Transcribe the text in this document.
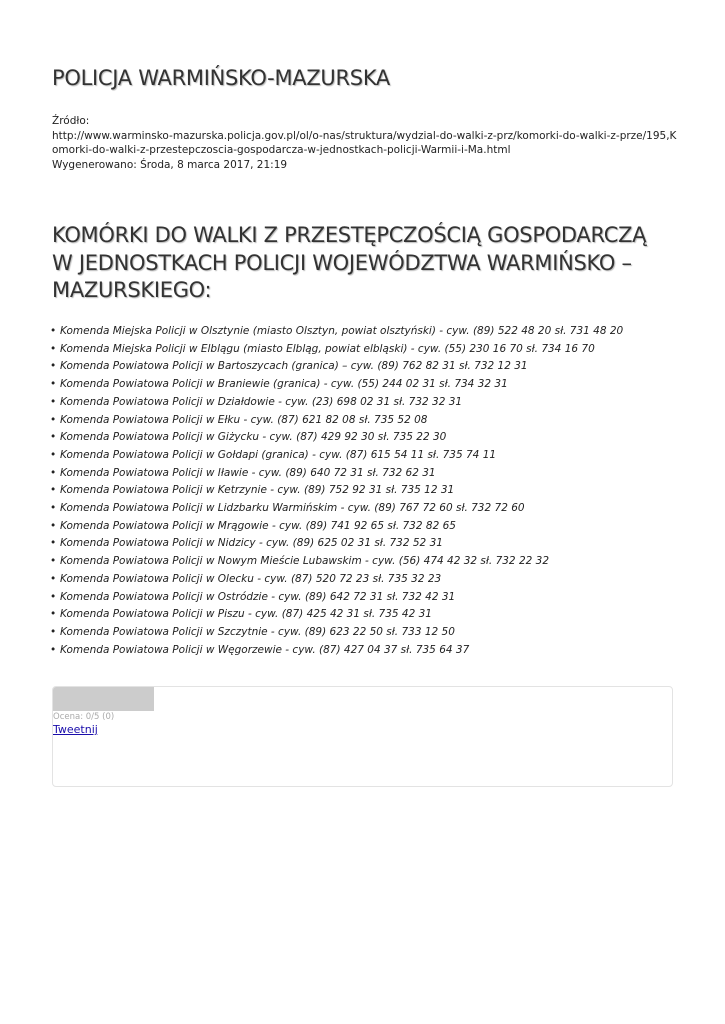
POLICJA WARMIŃSKO-MAZURSKA
Źródło:
http://www.warminsko-mazurska.policja.gov.pl/ol/o-nas/struktura/wydzial-do-walki-z-prz/komorki-do-walki-z-prze/195,Komorki-do-walki-z-przestepczoscia-gospodarcza-w-jednostkach-policji-Warmii-i-Ma.html
Wygenerowano: Środa, 8 marca 2017, 21:19
KOMÓRKI DO WALKI Z PRZESTĘPCZOŚCIĄ GOSPODARCZĄ W JEDNOSTKACH POLICJI WOJEWÓDZTWA WARMIŃSKO – MAZURSKIEGO:
• Komenda Miejska Policji w Olsztynie (miasto Olsztyn, powiat olsztyński) - cyw. (89) 522 48 20 sł. 731 48 20
• Komenda Miejska Policji w Elblągu (miasto Elbląg, powiat elbląski) - cyw. (55) 230 16 70 sł. 734 16 70
• Komenda Powiatowa Policji w Bartoszycach (granica) – cyw. (89) 762 82 31 sł. 732 12 31
• Komenda Powiatowa Policji w Braniewie (granica) - cyw. (55) 244 02 31 sł. 734 32 31
• Komenda Powiatowa Policji w Działdowie - cyw. (23) 698 02 31 sł. 732 32 31
• Komenda Powiatowa Policji w Ełku - cyw. (87) 621 82 08 sł. 735 52 08
• Komenda Powiatowa Policji w Giżycku - cyw. (87) 429 92 30 sł. 735 22 30
• Komenda Powiatowa Policji w Gołdapi (granica) - cyw. (87) 615 54 11 sł. 735 74 11
• Komenda Powiatowa Policji w Iławie - cyw. (89) 640 72 31 sł. 732 62 31
• Komenda Powiatowa Policji w Ketrzynie - cyw. (89) 752 92 31 sł. 735 12 31
• Komenda Powiatowa Policji w Lidzbarku Warmińskim - cyw. (89) 767 72 60 sł. 732 72 60
• Komenda Powiatowa Policji w Mrągowie - cyw. (89) 741 92 65 sł. 732 82 65
• Komenda Powiatowa Policji w Nidzicy - cyw. (89) 625 02 31 sł. 732 52 31
• Komenda Powiatowa Policji w Nowym Mieście Lubawskim - cyw. (56) 474 42 32 sł. 732 22 32
• Komenda Powiatowa Policji w Olecku - cyw. (87) 520 72 23 sł. 735 32 23
• Komenda Powiatowa Policji w Ostródzie - cyw. (89) 642 72 31 sł. 732 42 31
• Komenda Powiatowa Policji w Piszu - cyw. (87) 425 42 31 sł. 735 42 31
• Komenda Powiatowa Policji w Szczytnie - cyw. (89) 623 22 50 sł. 733 12 50
• Komenda Powiatowa Policji w Węgorzewie - cyw. (87) 427 04 37 sł. 735 64 37
Ocena: 0/5 (0)
Tweetnij
